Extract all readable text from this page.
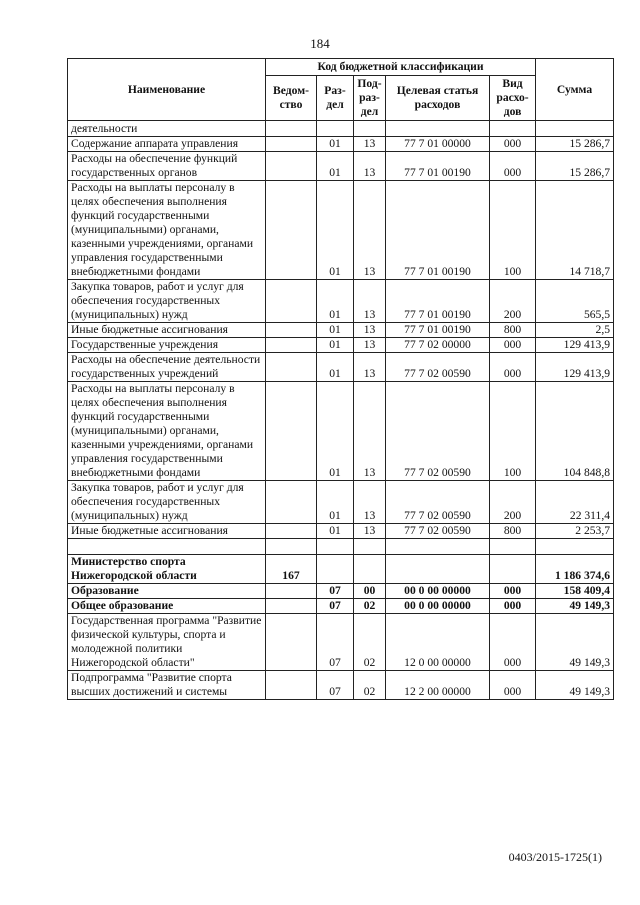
184
Наименование	Код бюджетной классификации					Сумма
	Ведом-ство	Раз-дел	Под-раз-дел	Целевая статья расходов	Вид расхо-дов	
деятельности						
Содержание аппарата управления		01	13	77 7 01 00000	000	15 286,7
Расходы на обеспечение функций государственных органов		01	13	77 7 01 00190	000	15 286,7
Расходы на выплаты персоналу в целях обеспечения выполнения функций государственными (муниципальными) органами, казенными учреждениями, органами управления государственными внебюджетными фондами		01	13	77 7 01 00190	100	14 718,7
Закупка товаров, работ и услуг для обеспечения государственных (муниципальных) нужд		01	13	77 7 01 00190	200	565,5
Иные бюджетные ассигнования		01	13	77 7 01 00190	800	2,5
Государственные учреждения		01	13	77 7 02 00000	000	129 413,9
Расходы на обеспечение деятельности государственных учреждений		01	13	77 7 02 00590	000	129 413,9
Расходы на выплаты персоналу в целях обеспечения выполнения функций государственными (муниципальными) органами, казенными учреждениями, органами управления государственными внебюджетными фондами		01	13	77 7 02 00590	100	104 848,8
Закупка товаров, работ и услуг для обеспечения государственных (муниципальных) нужд		01	13	77 7 02 00590	200	22 311,4
Иные бюджетные ассигнования		01	13	77 7 02 00590	800	2 253,7

Министерство спорта Нижегородской области	167					1 186 374,6
Образование		07	00	00 0 00 00000	000	158 409,4
Общее образование		07	02	00 0 00 00000	000	49 149,3
Государственная программа "Развитие физической культуры, спорта и молодежной политики Нижегородской области"		07	02	12 0 00 00000	000	49 149,3
Подпрограмма "Развитие спорта высших достижений и системы		07	02	12 2 00 00000	000	49 149,3
0403/2015-1725(1)
